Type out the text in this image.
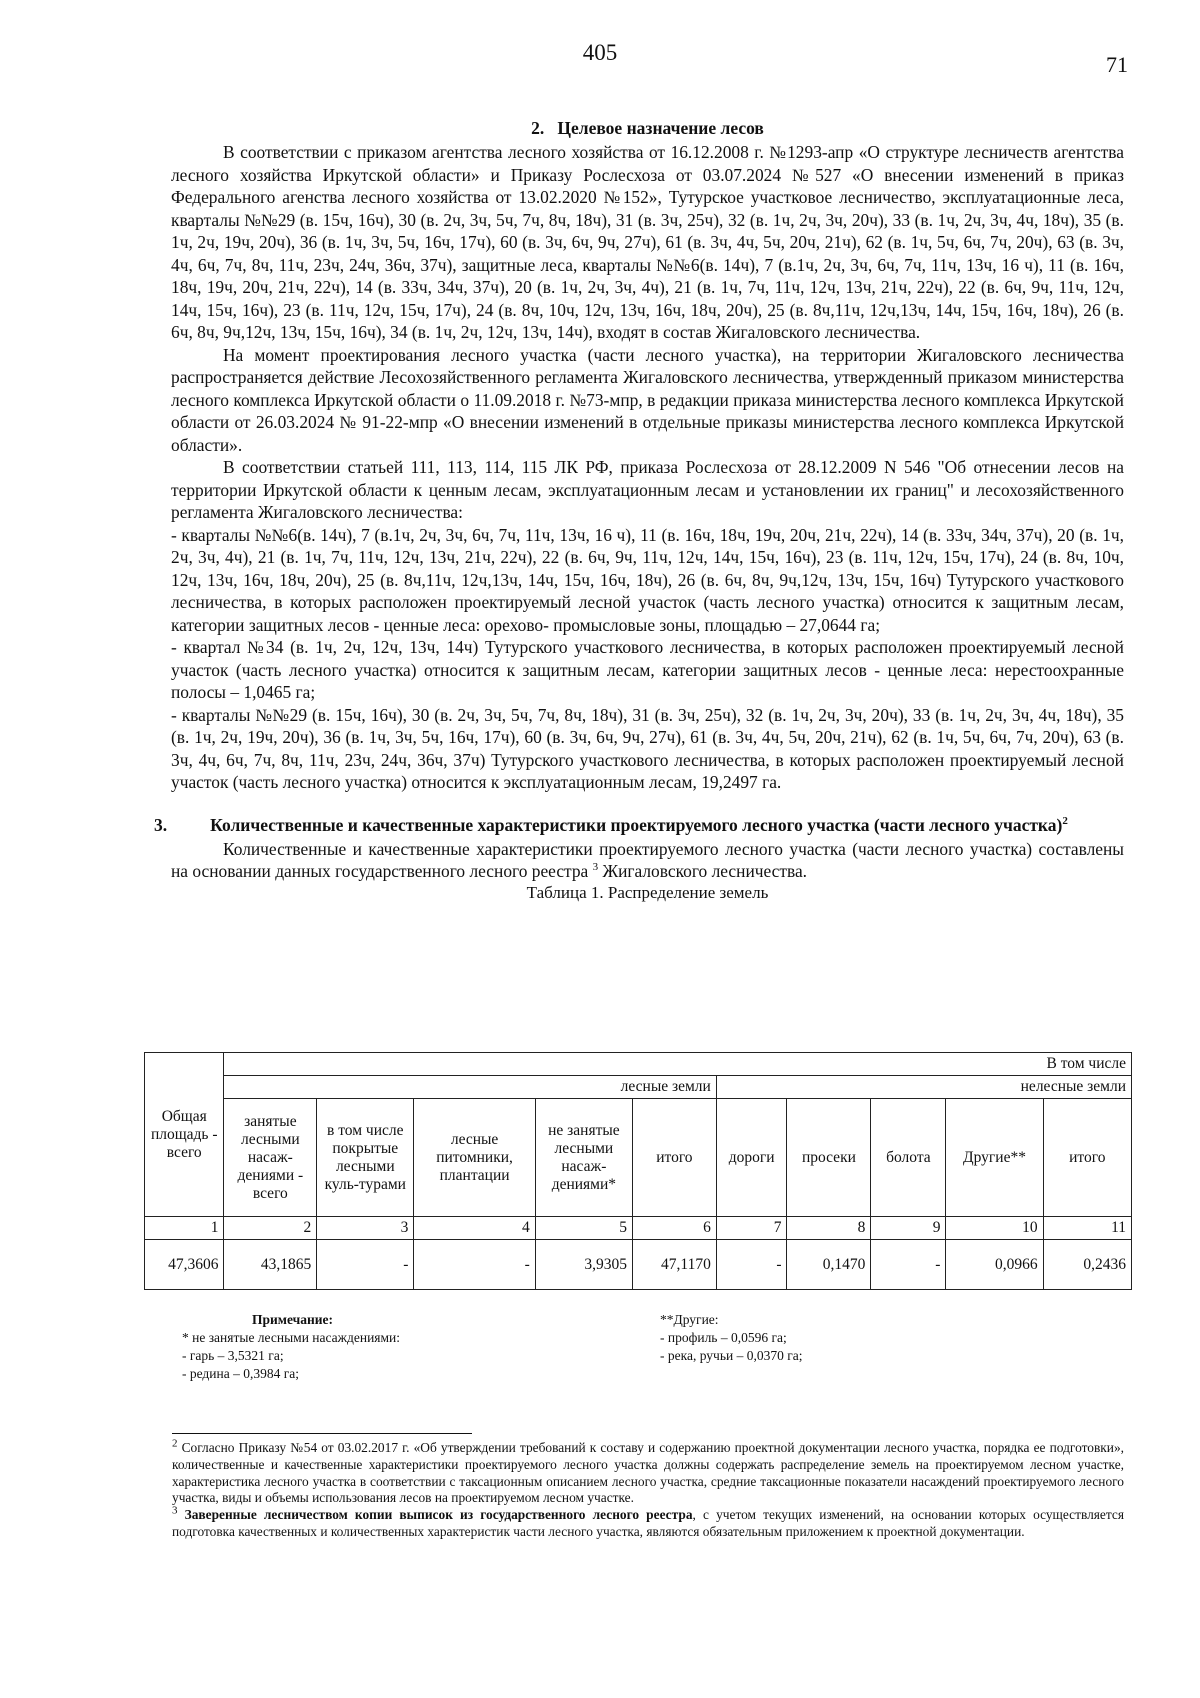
405	71
2.   Целевое назначение лесов

В соответствии с приказом агентства лесного хозяйства от 16.12.2008 г. №1293-апр «О структуре лесничеств агентства лесного хозяйства Иркутской области» и Приказу Рослесхоза от 03.07.2024 №527 «О внесении изменений в приказ Федерального агенства лесного хозяйства от 13.02.2020 №152», Тутурское участковое лесничество, эксплуатационные леса, кварталы №№29 (в. 15ч, 16ч), 30 (в. 2ч, 3ч, 5ч, 7ч, 8ч, 18ч), 31 (в. 3ч, 25ч), 32 (в. 1ч, 2ч, 3ч, 20ч), 33 (в. 1ч, 2ч, 3ч, 4ч, 18ч), 35 (в. 1ч, 2ч, 19ч, 20ч), 36 (в. 1ч, 3ч, 5ч, 16ч, 17ч), 60 (в. 3ч, 6ч, 9ч, 27ч), 61 (в. 3ч, 4ч, 5ч, 20ч, 21ч), 62 (в. 1ч, 5ч, 6ч, 7ч, 20ч), 63 (в. 3ч, 4ч, 6ч, 7ч, 8ч, 11ч, 23ч, 24ч, 36ч, 37ч), защитные леса, кварталы №№6(в. 14ч), 7 (в.1ч, 2ч, 3ч, 6ч, 7ч, 11ч, 13ч, 16 ч), 11 (в. 16ч, 18ч, 19ч, 20ч, 21ч, 22ч), 14 (в. 33ч, 34ч, 37ч), 20 (в. 1ч, 2ч, 3ч, 4ч), 21 (в. 1ч, 7ч, 11ч, 12ч, 13ч, 21ч, 22ч), 22 (в. 6ч, 9ч, 11ч, 12ч, 14ч, 15ч, 16ч), 23 (в. 11ч, 12ч, 15ч, 17ч), 24 (в. 8ч, 10ч, 12ч, 13ч, 16ч, 18ч, 20ч), 25 (в. 8ч,11ч, 12ч,13ч, 14ч, 15ч, 16ч, 18ч), 26 (в. 6ч, 8ч, 9ч,12ч, 13ч, 15ч, 16ч), 34 (в. 1ч, 2ч, 12ч, 13ч, 14ч), входят в состав Жигаловского лесничества.

На момент проектирования лесного участка (части лесного участка), на территории Жигаловского лесничества распространяется действие Лесохозяйственного регламента Жигаловского лесничества, утвержденный приказом министерства лесного комплекса Иркутской области о 11.09.2018 г. №73-мпр, в редакции приказа министерства лесного комплекса Иркутской области от 26.03.2024 № 91-22-мпр «О внесении изменений в отдельные приказы министерства лесного комплекса Иркутской области».

В соответствии статьей 111, 113, 114, 115 ЛК РФ, приказа Рослесхоза от 28.12.2009 N 546 "Об отнесении лесов на территории Иркутской области к ценным лесам, эксплуатационным лесам и установлении их границ" и лесохозяйственного регламента Жигаловского лесничества:

- кварталы №№6(в. 14ч), 7 (в.1ч, 2ч, 3ч, 6ч, 7ч, 11ч, 13ч, 16 ч), 11 (в. 16ч, 18ч, 19ч, 20ч, 21ч, 22ч), 14 (в. 33ч, 34ч, 37ч), 20 (в. 1ч, 2ч, 3ч, 4ч), 21 (в. 1ч, 7ч, 11ч, 12ч, 13ч, 21ч, 22ч), 22 (в. 6ч, 9ч, 11ч, 12ч, 14ч, 15ч, 16ч), 23 (в. 11ч, 12ч, 15ч, 17ч), 24 (в. 8ч, 10ч, 12ч, 13ч, 16ч, 18ч, 20ч), 25 (в. 8ч,11ч, 12ч,13ч, 14ч, 15ч, 16ч, 18ч), 26 (в. 6ч, 8ч, 9ч,12ч, 13ч, 15ч, 16ч) Тутурского участкового лесничества, в которых расположен проектируемый лесной участок (часть лесного участка) относится к защитным лесам, категории защитных лесов - ценные леса: орехово- промысловые зоны, площадью – 27,0644 га;

- квартал №34 (в. 1ч, 2ч, 12ч, 13ч, 14ч) Тутурского участкового лесничества, в которых расположен проектируемый лесной участок (часть лесного участка) относится к защитным лесам, категории защитных лесов - ценные леса: нерестоохранные полосы – 1,0465 га;

- кварталы №№29 (в. 15ч, 16ч), 30 (в. 2ч, 3ч, 5ч, 7ч, 8ч, 18ч), 31 (в. 3ч, 25ч), 32 (в. 1ч, 2ч, 3ч, 20ч), 33 (в. 1ч, 2ч, 3ч, 4ч, 18ч), 35 (в. 1ч, 2ч, 19ч, 20ч), 36 (в. 1ч, 3ч, 5ч, 16ч, 17ч), 60 (в. 3ч, 6ч, 9ч, 27ч), 61 (в. 3ч, 4ч, 5ч, 20ч, 21ч), 62 (в. 1ч, 5ч, 6ч, 7ч, 20ч), 63 (в. 3ч, 4ч, 6ч, 7ч, 8ч, 11ч, 23ч, 24ч, 36ч, 37ч) Тутурского участкового лесничества, в которых расположен проектируемый лесной участок (часть лесного участка) относится к эксплуатационным лесам, 19,2497 га.

3. Количественные и качественные характеристики проектируемого лесного участка (части лесного участка)$^2$

Количественные и качественные характеристики проектируемого лесного участка (части лесного участка) составлены на основании данных государственного лесного реестра $^3$ Жигаловского лесничества.

Таблица 1. Распределение земель
Общая площадь - всего	В том числе									
	лесные земли					нелесные земли				
	занятые лесными насаж-дениями - всего	в том числе покрытые лесными куль-турами	лесные питомники, плантации	не занятые лесными насаж-дениями*	итого	дороги	просеки	болота	Другие**	итого
1	2	3	4	5	6	7	8	9	10	11
47,3606	43,1865	-	-	3,9305	47,1170	-	0,1470	-	0,0966	0,2436
Примечание:
* не занятые лесными насаждениями:
- гарь – 3,5321 га;
- редина – 0,3984 га;
**Другие:
- профиль – 0,0596 га;
- река, ручьи – 0,0370 га;

$^2$ Согласно Приказу №54 от 03.02.2017 г. «Об утверждении требований к составу и содержанию проектной документации лесного участка, порядка ее подготовки», количественные и качественные характеристики проектируемого лесного участка должны содержать распределение земель на проектируемом лесном участке, характеристика лесного участка в соответствии с таксационным описанием лесного участка, средние таксационные показатели насаждений проектируемого лесного участка, виды и объемы использования лесов на проектируемом лесном участке.

$^3$ Заверенные лесничеством копии выписок из государственного лесного реестра, с учетом текущих изменений, на основании которых осуществляется подготовка качественных и количественных характеристик части лесного участка, являются обязательным приложением к проектной документации.
